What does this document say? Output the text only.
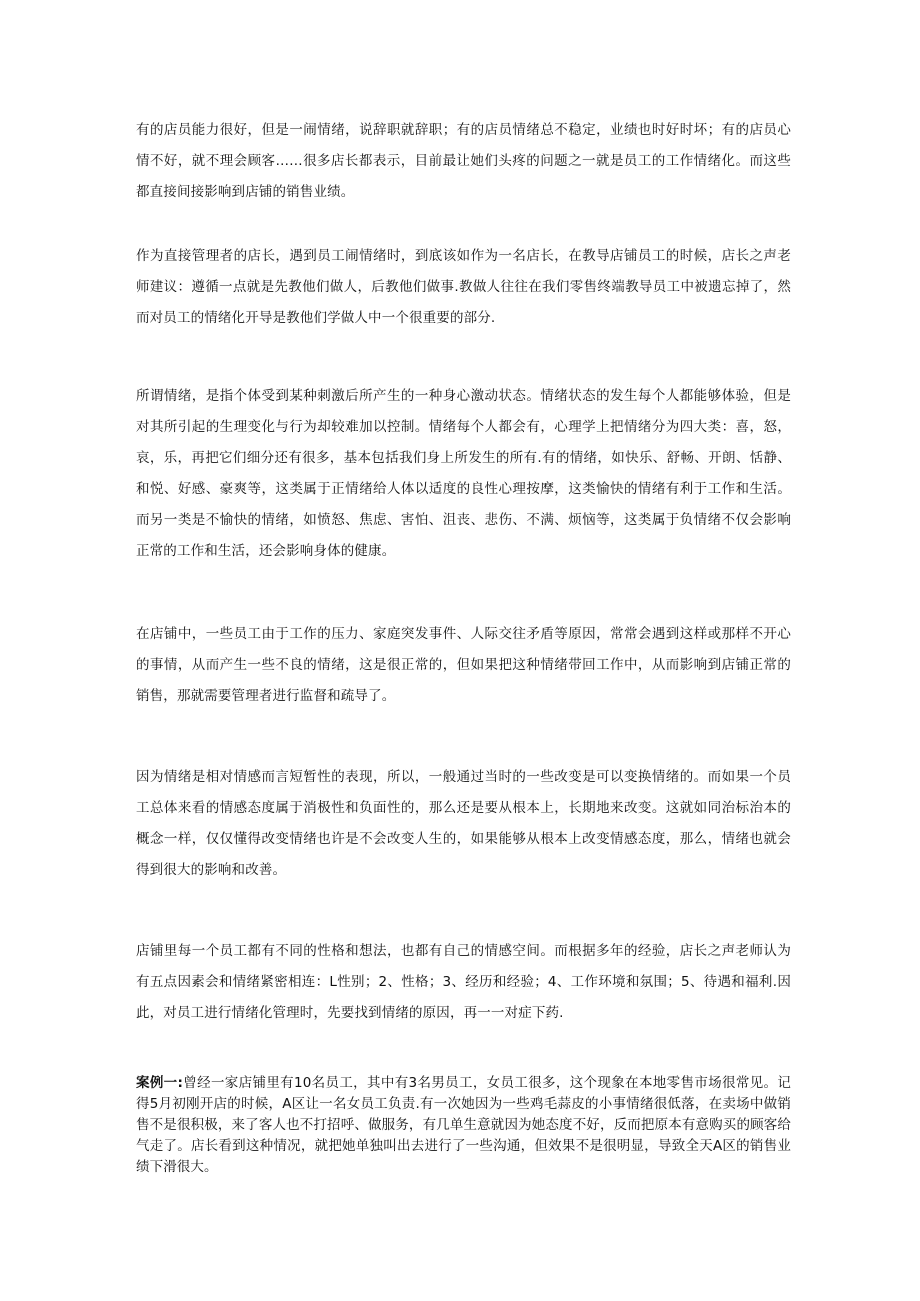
有的店员能力很好，但是一闹情绪，说辞职就辞职；有的店员情绪总不稳定，业绩也时好时坏；有的店员心情不好，就不理会顾客……很多店长都表示，目前最让她们头疼的问题之一就是员工的工作情绪化。而这些都直接间接影响到店铺的销售业绩。

作为直接管理者的店长，遇到员工闹情绪时，到底该如作为一名店长，在教导店铺员工的时候，店长之声老师建议：遵循一点就是先教他们做人，后教他们做事.教做人往往在我们零售终端教导员工中被遗忘掉了，然而对员工的情绪化开导是教他们学做人中一个很重要的部分.

所谓情绪，是指个体受到某种刺激后所产生的一种身心激动状态。情绪状态的发生每个人都能够体验，但是对其所引起的生理变化与行为却较难加以控制。情绪每个人都会有，心理学上把情绪分为四大类：喜，怒，哀，乐，再把它们细分还有很多，基本包括我们身上所发生的所有.有的情绪，如快乐、舒畅、开朗、恬静、和悦、好感、豪爽等，这类属于正情绪给人体以适度的良性心理按摩，这类愉快的情绪有利于工作和生活。而另一类是不愉快的情绪，如愤怒、焦虑、害怕、沮丧、悲伤、不满、烦恼等，这类属于负情绪不仅会影响正常的工作和生活，还会影响身体的健康。

在店铺中，一些员工由于工作的压力、家庭突发事件、人际交往矛盾等原因，常常会遇到这样或那样不开心的事情，从而产生一些不良的情绪，这是很正常的，但如果把这种情绪带回工作中，从而影响到店铺正常的销售，那就需要管理者进行监督和疏导了。

因为情绪是相对情感而言短暂性的表现，所以，一般通过当时的一些改变是可以变换情绪的。而如果一个员工总体来看的情感态度属于消极性和负面性的，那么还是要从根本上，长期地来改变。这就如同治标治本的概念一样，仅仅懂得改变情绪也许是不会改变人生的，如果能够从根本上改变情感态度，那么，情绪也就会得到很大的影响和改善。

店铺里每一个员工都有不同的性格和想法，也都有自己的情感空间。而根据多年的经验，店长之声老师认为有五点因素会和情绪紧密相连：L性别；2、性格；3、经历和经验；4、工作环境和氛围；5、待遇和福利.因此，对员工进行情绪化管理时，先要找到情绪的原因，再一一对症下药.

案例一:曾经一家店铺里有10名员工，其中有3名男员工，女员工很多，这个现象在本地零售市场很常见。记得5月初刚开店的时候，A区让一名女员工负责.有一次她因为一些鸡毛蒜皮的小事情绪很低落，在卖场中做销售不是很积极，来了客人也不打招呼、做服务，有几单生意就因为她态度不好，反而把原本有意购买的顾客给气走了。店长看到这种情况，就把她单独叫出去进行了一些沟通，但效果不是很明显，导致全天A区的销售业绩下滑很大。
